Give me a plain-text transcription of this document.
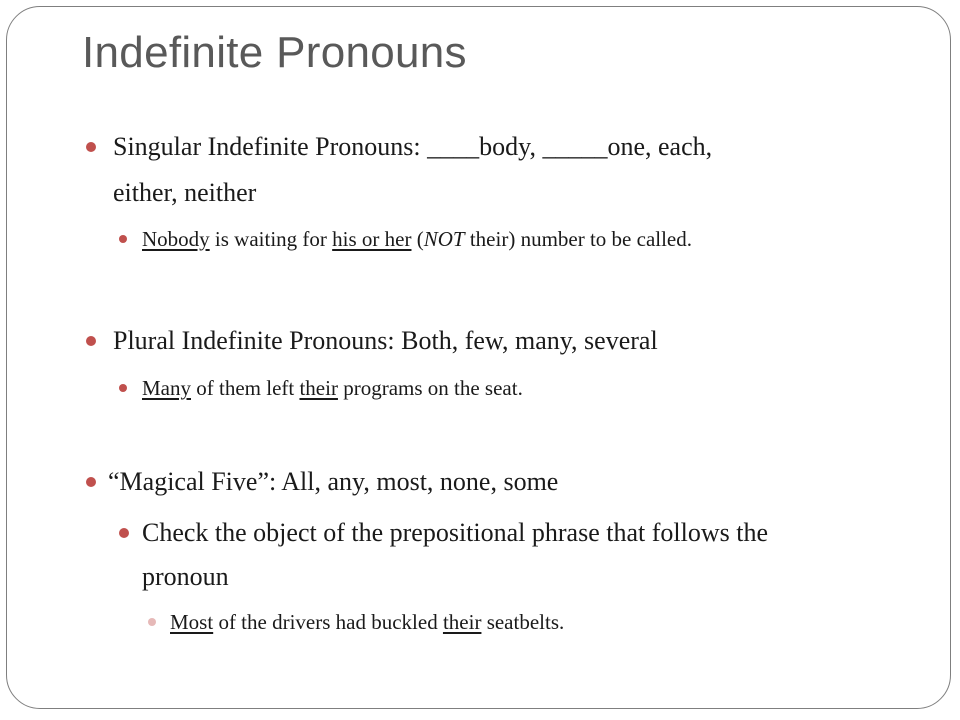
Indefinite Pronouns
Singular Indefinite Pronouns: ____body, _____one, each,
either, neither
Nobody is waiting for his or her (NOT their) number to be called.
Plural Indefinite Pronouns: Both, few, many, several
Many of them left their programs on the seat.
“Magical Five”: All, any, most, none, some
Check the object of the prepositional phrase that follows the
pronoun
Most of the drivers had buckled their seatbelts.
